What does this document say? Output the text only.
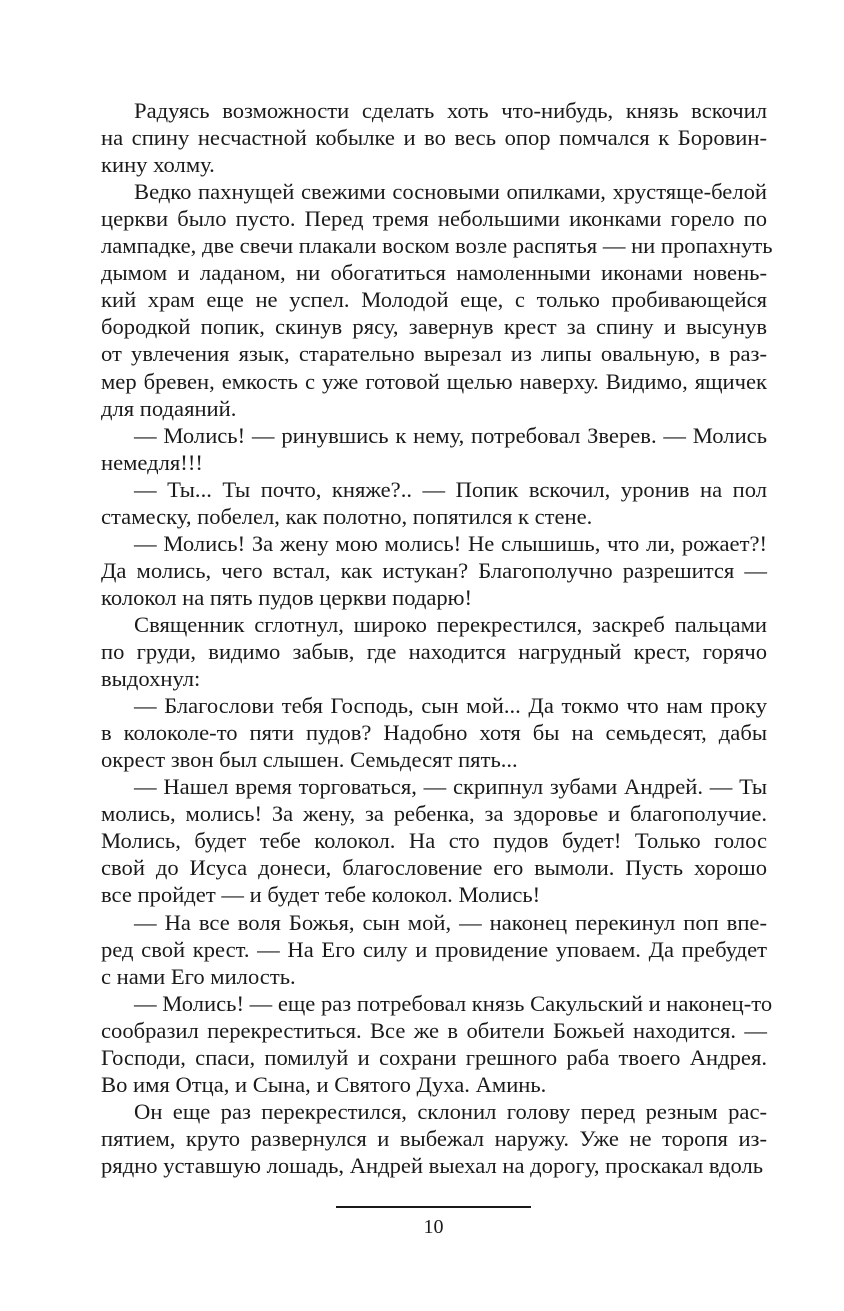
Радуясь возможности сделать хоть что-нибудь, князь вскочил
на спину несчастной кобылке и во весь опор помчался к Боровин-
кину холму.
Ведко пахнущей свежими сосновыми опилками, хрустяще-белой
церкви было пусто. Перед тремя небольшими иконками горело по
лампадке, две свечи плакали воском возле распятья — ни пропахнуть
дымом и ладаном, ни обогатиться намоленными иконами новень-
кий храм еще не успел. Молодой еще, с только пробивающейся
бородкой попик, скинув рясу, завернув крест за спину и высунув
от увлечения язык, старательно вырезал из липы овальную, в раз-
мер бревен, емкость с уже готовой щелью наверху. Видимо, ящичек
для подаяний.
— Молись! — ринувшись к нему, потребовал Зверев. — Молись
немедля!!!
— Ты... Ты почто, княже?.. — Попик вскочил, уронив на пол
стамеску, побелел, как полотно, попятился к стене.
— Молись! За жену мою молись! Не слышишь, что ли, рожает?!
Да молись, чего встал, как истукан? Благополучно разрешится —
колокол на пять пудов церкви подарю!
Священник сглотнул, широко перекрестился, заскреб пальцами
по груди, видимо забыв, где находится нагрудный крест, горячо
выдохнул:
— Благослови тебя Господь, сын мой... Да токмо что нам проку
в колоколе-то пяти пудов? Надобно хотя бы на семьдесят, дабы
окрест звон был слышен. Семьдесят пять...
— Нашел время торговаться, — скрипнул зубами Андрей. — Ты
молись, молись! За жену, за ребенка, за здоровье и благополучие.
Молись, будет тебе колокол. На сто пудов будет! Только голос
свой до Исуса донеси, благословение его вымоли. Пусть хорошо
все пройдет — и будет тебе колокол. Молись!
— На все воля Божья, сын мой, — наконец перекинул поп впе-
ред свой крест. — На Его силу и провидение уповаем. Да пребудет
с нами Его милость.
— Молись! — еще раз потребовал князь Сакульский и наконец-то
сообразил перекреститься. Все же в обители Божьей находится. —
Господи, спаси, помилуй и сохрани грешного раба твоего Андрея.
Во имя Отца, и Сына, и Святого Духа. Аминь.
Он еще раз перекрестился, склонил голову перед резным рас-
пятием, круто развернулся и выбежал наружу. Уже не торопя из-
рядно уставшую лошадь, Андрей выехал на дорогу, проскакал вдоль
10
